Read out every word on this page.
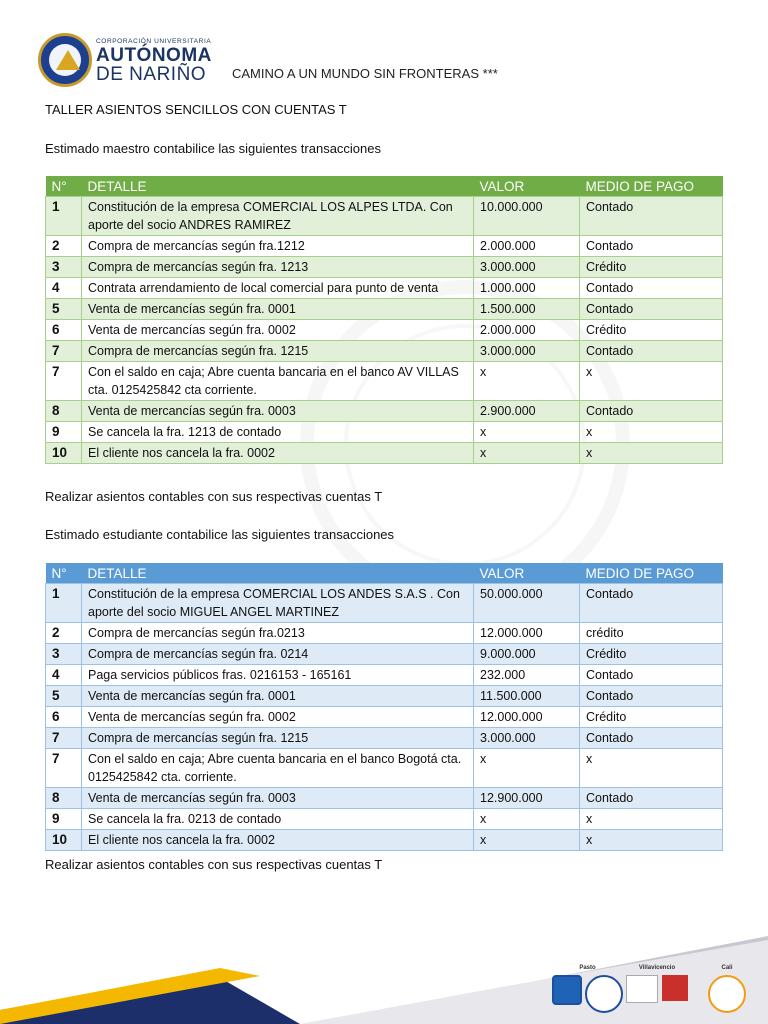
CORPORACIÓN UNIVERSITARIA
AUTÓNOMA
DE NARIÑO	CAMINO A UN MUNDO SIN FRONTERAS ***
TALLER ASIENTOS SENCILLOS CON CUENTAS T
Estimado maestro contabilice las siguientes transacciones
N°	DETALLE	VALOR	MEDIO DE PAGO
1	Constitución de la empresa COMERCIAL LOS ALPES LTDA. Con aporte del socio ANDRES RAMIREZ	10.000.000	Contado
2	Compra de mercancías según fra.1212	2.000.000	Contado
3	Compra de mercancías según fra. 1213	3.000.000	Crédito
4	Contrata arrendamiento de local comercial para punto de venta	1.000.000	Contado
5	Venta de mercancías según fra. 0001	1.500.000	Contado
6	Venta de mercancías según fra. 0002	2.000.000	Crédito
7	Compra de mercancías según fra. 1215	3.000.000	Contado
7	Con el saldo en caja; Abre cuenta bancaria en el banco AV VILLAS cta. 0125425842 cta corriente.	x	x
8	Venta de mercancías según fra. 0003	2.900.000	Contado
9	Se cancela la fra. 1213 de contado	x	x
10	El cliente nos cancela la fra. 0002	x	x
Realizar asientos contables con sus respectivas cuentas T
Estimado estudiante contabilice las siguientes transacciones
N°	DETALLE	VALOR	MEDIO DE PAGO
1	Constitución de la empresa COMERCIAL LOS ANDES S.A.S . Con aporte del socio MIGUEL ANGEL MARTINEZ	50.000.000	Contado
2	Compra de mercancías según fra.0213	12.000.000	crédito
3	Compra de mercancías según fra. 0214	9.000.000	Crédito
4	Paga servicios públicos fras. 0216153 - 165161	232.000	Contado
5	Venta de mercancías según fra. 0001	11.500.000	Contado
6	Venta de mercancías según fra. 0002	12.000.000	Crédito
7	Compra de mercancías según fra. 1215	3.000.000	Contado
7	Con el saldo en caja; Abre cuenta bancaria en el banco Bogotá cta. 0125425842 cta. corriente.	x	x
8	Venta de mercancías según fra. 0003	12.900.000	Contado
9	Se cancela la fra. 0213 de contado	x	x
10	El cliente nos cancela la fra. 0002	x	x
Realizar asientos contables con sus respectivas cuentas T
Pasto	Villavicencio	Cali
